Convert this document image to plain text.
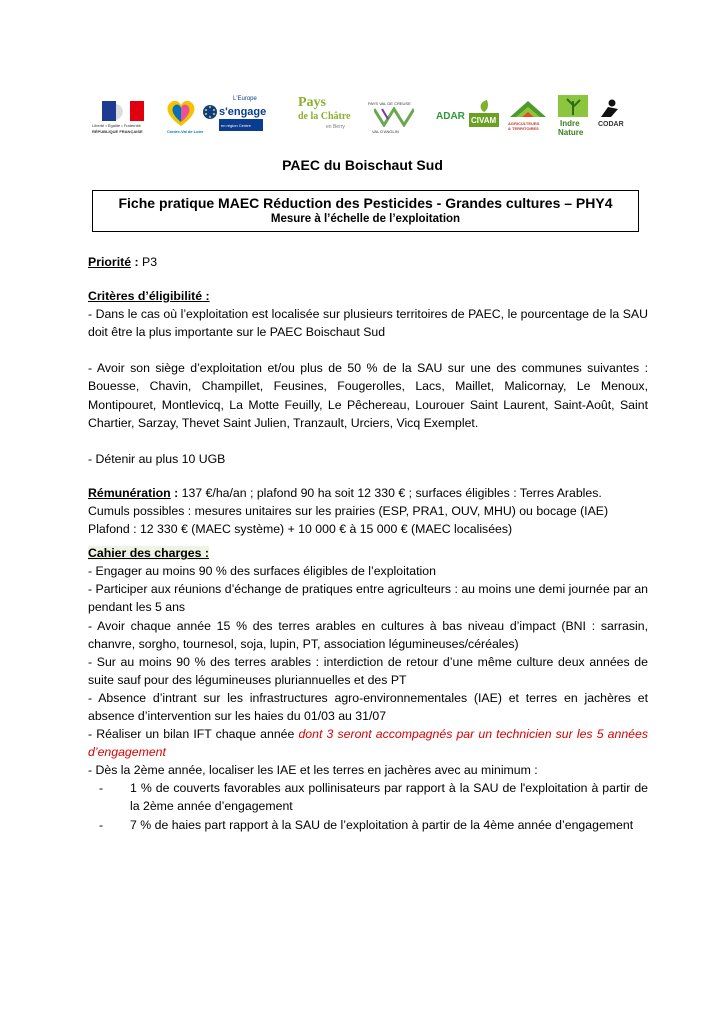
Liberté • Égalité • Fraternité
RÉPUBLIQUE FRANÇAISE	Centre-Val de Loire
L'Europe
s'engage
en région Centre
Pays
de la Châtre
en Berry
PAYS VAL DE CREUSE
VAL D'ANGLIN
ADAR CIVAM	AGRICULTEURS
& TERRITOIRES
Indre
Nature
CODAR
PAEC du Boischaut Sud
Fiche pratique MAEC Réduction des Pesticides - Grandes cultures – PHY4
Mesure à l’échelle de l’exploitation

Priorité : P3

Critères d’éligibilité :

- Dans le cas où l’exploitation est localisée sur plusieurs territoires de PAEC, le pourcentage de la SAU doit être la plus importante sur le PAEC Boischaut Sud

- Avoir son siège d’exploitation et/ou plus de 50 % de la SAU sur une des communes suivantes : Bouesse, Chavin, Champillet, Feusines, Fougerolles, Lacs, Maillet, Malicornay, Le Menoux, Montipouret, Montlevicq, La Motte Feuilly, Le Pêchereau, Lourouer Saint Laurent, Saint-Août, Saint Chartier, Sarzay, Thevet Saint Julien, Tranzault, Urciers, Vicq Exemplet.

- Détenir au plus 10 UGB

Rémunération : 137 €/ha/an ; plafond 90 ha soit 12 330 € ; surfaces éligibles : Terres Arables.

Cumuls possibles : mesures unitaires sur les prairies (ESP, PRA1, OUV, MHU) ou bocage (IAE)

Plafond : 12 330 € (MAEC système) + 10 000 € à 15 000 € (MAEC localisées)

Cahier des charges :

- Engager au moins 90 % des surfaces éligibles de l’exploitation

- Participer aux réunions d’échange de pratiques entre agriculteurs : au moins une demi journée par an pendant les 5 ans

- Avoir chaque année 15 % des terres arables en cultures à bas niveau d’impact (BNI : sarrasin, chanvre, sorgho, tournesol, soja, lupin, PT, association légumineuses/céréales)

- Sur au moins 90 % des terres arables : interdiction de retour d’une même culture deux années de suite sauf pour des légumineuses pluriannuelles et des PT

- Absence d’intrant sur les infrastructures agro-environnementales (IAE) et terres en jachères et absence d’intervention sur les haies du 01/03 au 31/07

- Réaliser un bilan IFT chaque année dont 3 seront accompagnés par un technicien sur les 5 années d’engagement

- Dès la 2ème année, localiser les IAE et les terres en jachères avec au minimum :

- 1 % de couverts favorables aux pollinisateurs par rapport à la SAU de l'exploitation à partir de la 2ème année d’engagement
- 7 % de haies part rapport à la SAU de l’exploitation à partir de la 4ème année d’engagement
